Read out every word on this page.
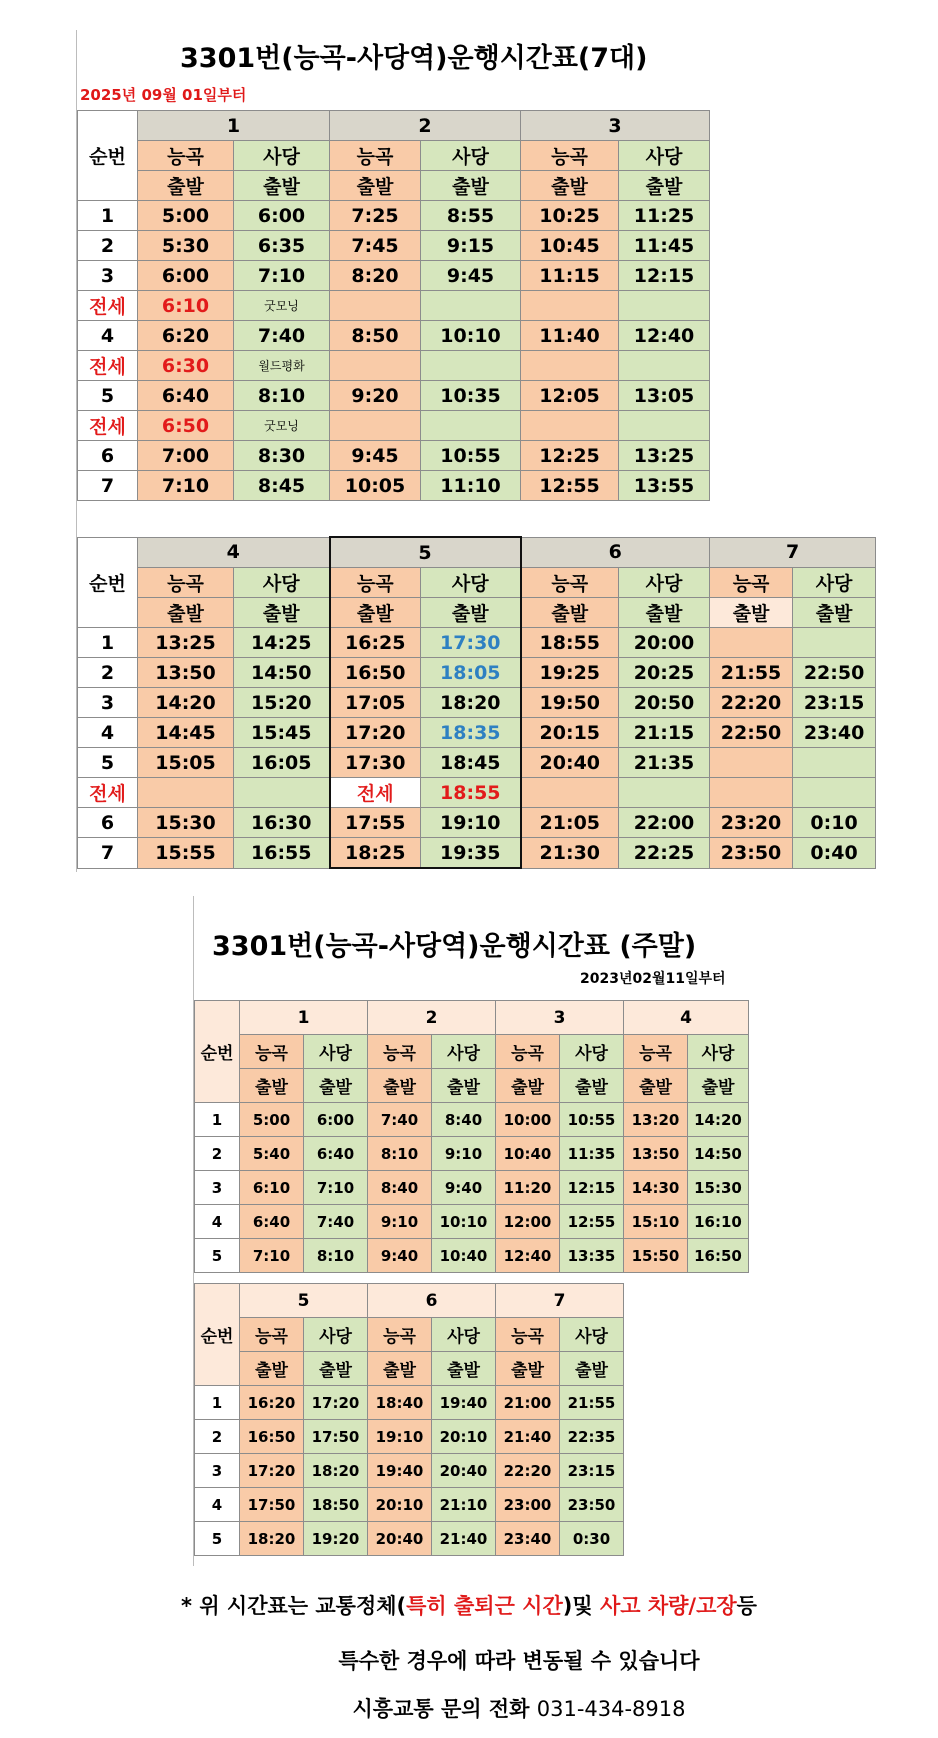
3301번(능곡-사당역)운행시간표(7대)
2025년 09월 01일부터
순번	1		2		3	
	능곡	사당	능곡	사당	능곡	사당
	출발	출발	출발	출발	출발	출발
1	5:00	6:00	7:25	8:55	10:25	11:25
2	5:30	6:35	7:45	9:15	10:45	11:45
3	6:00	7:10	8:20	9:45	11:15	12:15
전세	6:10	굿모닝				
4	6:20	7:40	8:50	10:10	11:40	12:40
전세	6:30	월드평화				
5	6:40	8:10	9:20	10:35	12:05	13:05
전세	6:50	굿모닝				
6	7:00	8:30	9:45	10:55	12:25	13:25
7	7:10	8:45	10:05	11:10	12:55	13:55
순번	4		5		6		7	
	능곡	사당	능곡	사당	능곡	사당	능곡	사당
	출발	출발	출발	출발	출발	출발	출발	출발
1	13:25	14:25	16:25	17:30	18:55	20:00		
2	13:50	14:50	16:50	18:05	19:25	20:25	21:55	22:50
3	14:20	15:20	17:05	18:20	19:50	20:50	22:20	23:15
4	14:45	15:45	17:20	18:35	20:15	21:15	22:50	23:40
5	15:05	16:05	17:30	18:45	20:40	21:35		
전세			전세	18:55				
6	15:30	16:30	17:55	19:10	21:05	22:00	23:20	0:10
7	15:55	16:55	18:25	19:35	21:30	22:25	23:50	0:40
3301번(능곡-사당역)운행시간표 (주말)
2023년02월11일부터
순번	1		2		3		4	
	능곡	사당	능곡	사당	능곡	사당	능곡	사당
	출발	출발	출발	출발	출발	출발	출발	출발
1	5:00	6:00	7:40	8:40	10:00	10:55	13:20	14:20
2	5:40	6:40	8:10	9:10	10:40	11:35	13:50	14:50
3	6:10	7:10	8:40	9:40	11:20	12:15	14:30	15:30
4	6:40	7:40	9:10	10:10	12:00	12:55	15:10	16:10
5	7:10	8:10	9:40	10:40	12:40	13:35	15:50	16:50
순번	5		6		7	
	능곡	사당	능곡	사당	능곡	사당
	출발	출발	출발	출발	출발	출발
1	16:20	17:20	18:40	19:40	21:00	21:55
2	16:50	17:50	19:10	20:10	21:40	22:35
3	17:20	18:20	19:40	20:40	22:20	23:15
4	17:50	18:50	20:10	21:10	23:00	23:50
5	18:20	19:20	20:40	21:40	23:40	0:30
* 위 시간표는 교통정체(특히 출퇴근 시간)및 사고 차량/고장등
특수한 경우에 따라 변동될 수 있습니다
시흥교통 문의 전화 031-434-8918
